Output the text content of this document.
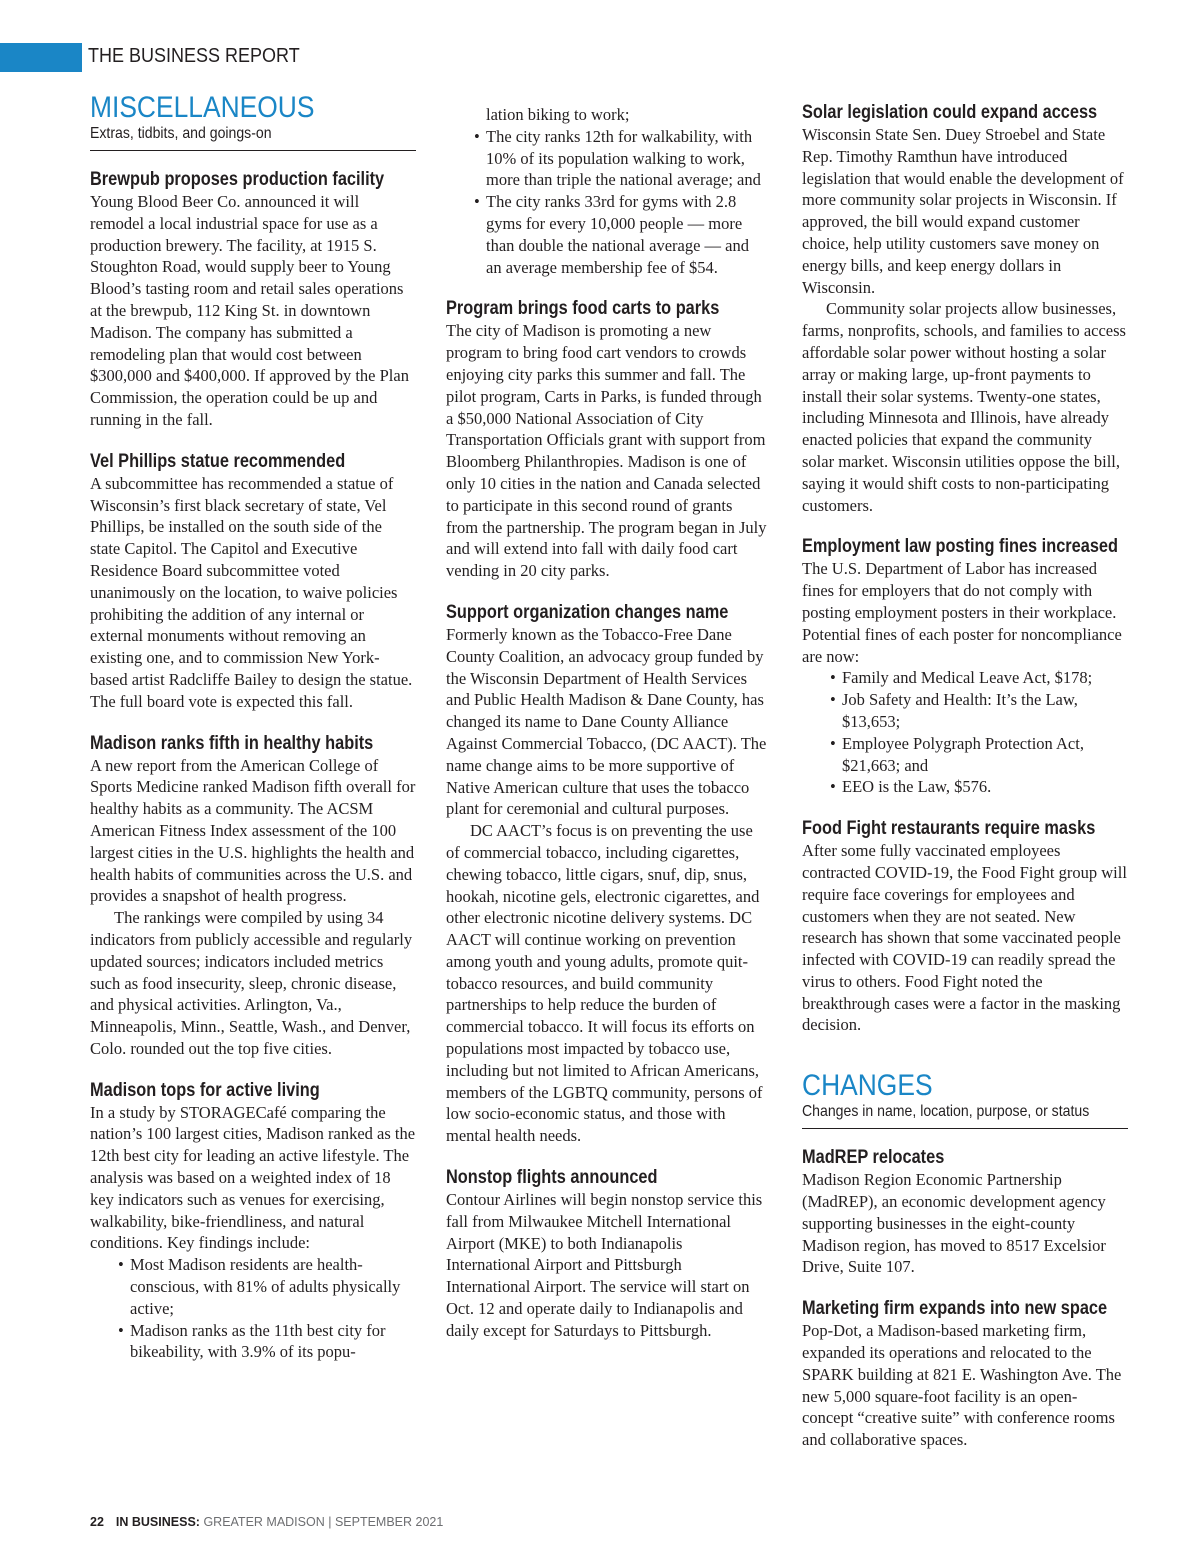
THE BUSINESS REPORT
MISCELLANEOUS
Extras, tidbits, and goings-on
Brewpub proposes production facility

Young Blood Beer Co. announced it will remodel a local industrial space for use as a production brewery. The facility, at 1915 S. Stoughton Road, would supply beer to Young Blood’s tasting room and retail sales operations at the brewpub, 112 King St. in downtown Madison. The company has submitted a remodeling plan that would cost between $300,000 and $400,000. If approved by the Plan Commission, the operation could be up and running in the fall.

Vel Phillips statue recommended

A subcommittee has recommended a statue of Wisconsin’s first black secretary of state, Vel Phillips, be installed on the south side of the state Capitol. The Capitol and Executive Residence Board subcommittee voted unanimously on the location, to waive policies prohibiting the addition of any internal or external monuments without removing an existing one, and to commission New York-based artist Radcliffe Bailey to design the statue. The full board vote is expected this fall.

Madison ranks fifth in healthy habits

A new report from the American College of Sports Medicine ranked Madison fifth overall for healthy habits as a community. The ACSM American Fitness Index assessment of the 100 largest cities in the U.S. highlights the health and health habits of communities across the U.S. and provides a snapshot of health progress.

The rankings were compiled by using 34 indicators from publicly accessible and regularly updated sources; indicators included metrics such as food insecurity, sleep, chronic disease, and physical activities. Arlington, Va., Minneapolis, Minn., Seattle, Wash., and Denver, Colo. rounded out the top five cities.

Madison tops for active living

In a study by STORAGECafé comparing the nation’s 100 largest cities, Madison ranked as the 12th best city for leading an active lifestyle. The analysis was based on a weighted index of 18 key indicators such as venues for exercising, walkability, bike-friendliness, and natural conditions. Key findings include:

• Most Madison residents are health-conscious, with 81% of adults physically active;
• Madison ranks as the 11th best city for bikeability, with 3.9% of its popu-
lation biking to work;
• The city ranks 12th for walkability, with 10% of its population walking to work, more than triple the national average; and
• The city ranks 33rd for gyms with 2.8 gyms for every 10,000 people — more than double the national average — and an average membership fee of $54.
Program brings food carts to parks

The city of Madison is promoting a new program to bring food cart vendors to crowds enjoying city parks this summer and fall. The pilot program, Carts in Parks, is funded through a $50,000 National Association of City Transportation Officials grant with support from Bloomberg Philanthropies. Madison is one of only 10 cities in the nation and Canada selected to participate in this second round of grants from the partnership. The program began in July and will extend into fall with daily food cart vending in 20 city parks.

Support organization changes name

Formerly known as the Tobacco-Free Dane County Coalition, an advocacy group funded by the Wisconsin Department of Health Services and Public Health Madison & Dane County, has changed its name to Dane County Alliance Against Commercial Tobacco, (DC AACT). The name change aims to be more supportive of Native American culture that uses the tobacco plant for ceremonial and cultural purposes.

DC AACT’s focus is on preventing the use of commercial tobacco, including cigarettes, chewing tobacco, little cigars, snuf, dip, snus, hookah, nicotine gels, electronic cigarettes, and other electronic nicotine delivery systems. DC AACT will continue working on prevention among youth and young adults, promote quit-tobacco resources, and build community partnerships to help reduce the burden of commercial tobacco. It will focus its efforts on populations most impacted by tobacco use, including but not limited to African Americans, members of the LGBTQ community, persons of low socio-economic status, and those with mental health needs.

Nonstop flights announced

Contour Airlines will begin nonstop service this fall from Milwaukee Mitchell International Airport (MKE) to both Indianapolis International Airport and Pittsburgh International Airport. The service will start on Oct. 12 and operate daily to Indianapolis and daily except for Saturdays to Pittsburgh.

Solar legislation could expand access

Wisconsin State Sen. Duey Stroebel and State Rep. Timothy Ramthun have introduced legislation that would enable the development of more community solar projects in Wisconsin. If approved, the bill would expand customer choice, help utility customers save money on energy bills, and keep energy dollars in Wisconsin.

Community solar projects allow businesses, farms, nonprofits, schools, and families to access affordable solar power without hosting a solar array or making large, up-front payments to install their solar systems. Twenty-one states, including Minnesota and Illinois, have already enacted policies that expand the community solar market. Wisconsin utilities oppose the bill, saying it would shift costs to non-participating customers.

Employment law posting fines increased

The U.S. Department of Labor has increased fines for employers that do not comply with posting employment posters in their workplace. Potential fines of each poster for noncompliance are now:

• Family and Medical Leave Act, $178;
• Job Safety and Health: It’s the Law, $13,653;
• Employee Polygraph Protection Act, $21,663; and
• EEO is the Law, $576.
Food Fight restaurants require masks

After some fully vaccinated employees contracted COVID-19, the Food Fight group will require face coverings for employees and customers when they are not seated. New research has shown that some vaccinated people infected with COVID-19 can readily spread the virus to others. Food Fight noted the breakthrough cases were a factor in the masking decision.

CHANGES
Changes in name, location, purpose, or status
MadREP relocates

Madison Region Economic Partnership (MadREP), an economic development agency supporting businesses in the eight-county Madison region, has moved to 8517 Excelsior Drive, Suite 107.

Marketing firm expands into new space

Pop-Dot, a Madison-based marketing firm, expanded its operations and relocated to the SPARK building at 821 E. Washington Ave. The new 5,000 square-foot facility is an open-concept “creative suite” with conference rooms and collaborative spaces.

22 IN BUSINESS: GREATER MADISON | SEPTEMBER 2021
